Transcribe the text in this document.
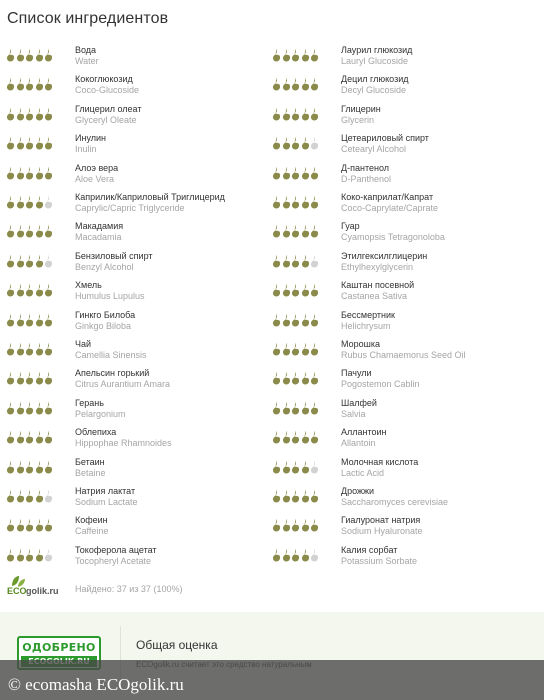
Список ингредиентов
Вода
Water
Кокоглюкозид
Coco-Glucoside
Глицерил олеат
Glyceryl Oleate
Инулин
Inulin
Алоэ вера
Aloe Vera
Каприлик/Каприловый Триглицерид
Caprylic/Capric Triglyceride
Макадамия
Macadamia
Бензиловый спирт
Benzyl Alcohol
Хмель
Humulus Lupulus
Гинкго Билоба
Ginkgo Biloba
Чай
Camellia Sinensis
Апельсин горький
Citrus Aurantium Amara
Герань
Pelargonium
Облепиха
Hippophae Rhamnoides
Бетаин
Betaine
Натрия лактат
Sodium Lactate
Кофеин
Caffeine
Токоферола ацетат
Tocopheryl Acetate
Лаурил глюкозид
Lauryl Glucoside
Децил глюкозид
Decyl Glucoside
Глицерин
Glycerin
Цетеариловый спирт
Cetearyl Alcohol
Д-пантенол
D-Panthenol
Коко-каприлат/Капрат
Coco-Caprylate/Caprate
Гуар
Cyamopsis Tetragonoloba
Этилгексилглицерин
Ethylhexylglycerin
Каштан посевной
Castanea Sativa
Бессмертник
Helichrysum
Морошка
Rubus Chamaemorus Seed Oil
Пачули
Pogostemon Cablin
Шалфей
Salvia
Аллантоин
Allantoin
Молочная кислота
Lactic Acid
Дрожжи
Saccharomyces cerevisiae
Гиалуронат натрия
Sodium Hyaluronate
Калия сорбат
Potassium Sorbate
ECO golik.ru Найдено: 37 из 37 (100%)
ОДОБРЕНО	Общая оценка
© ecomasha ECOgolik.ru
